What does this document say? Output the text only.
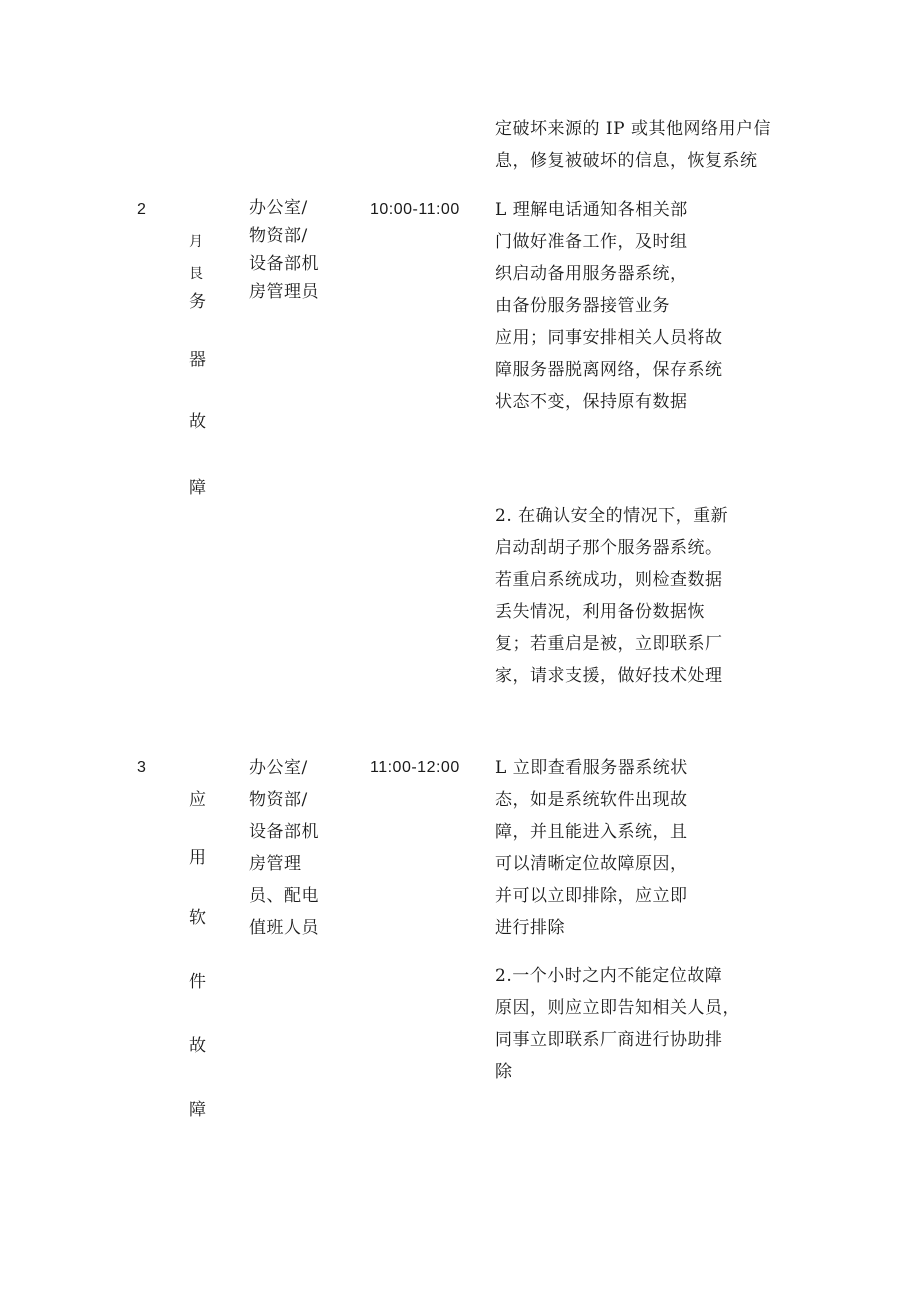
定破坏来源的 IP 或其他网络用户信
息，修复被破坏的信息，恢复系统

2

月艮

务

器

故

障

办公室/
物资部/
设备部机
房管理员

10:00-11:00 L 理解电话通知各相关部
门做好准备工作，及时组
织启动备用服务器系统，
由备份服务器接管业务
应用；同事安排相关人员将故
障服务器脱离网络，保存系统
状态不变，保持原有数据

2. 在确认安全的情况下，重新
启动刮胡子那个服务器系统。
若重启系统成功，则检查数据
丢失情况，利用备份数据恢
复；若重启是被，立即联系厂
家，请求支援，做好技术处理

3

应

用

软

件

故

障

办公室/
物资部/
设备部机
房管理
员、配电
值班人员

11:00-12:00 L 立即查看服务器系统状
态，如是系统软件出现故
障，并且能进入系统，且
可以清晰定位故障原因，
并可以立即排除，应立即
进行排除

2.一个小时之内不能定位故障
原因，则应立即告知相关人员，
同事立即联系厂商进行协助排
除
